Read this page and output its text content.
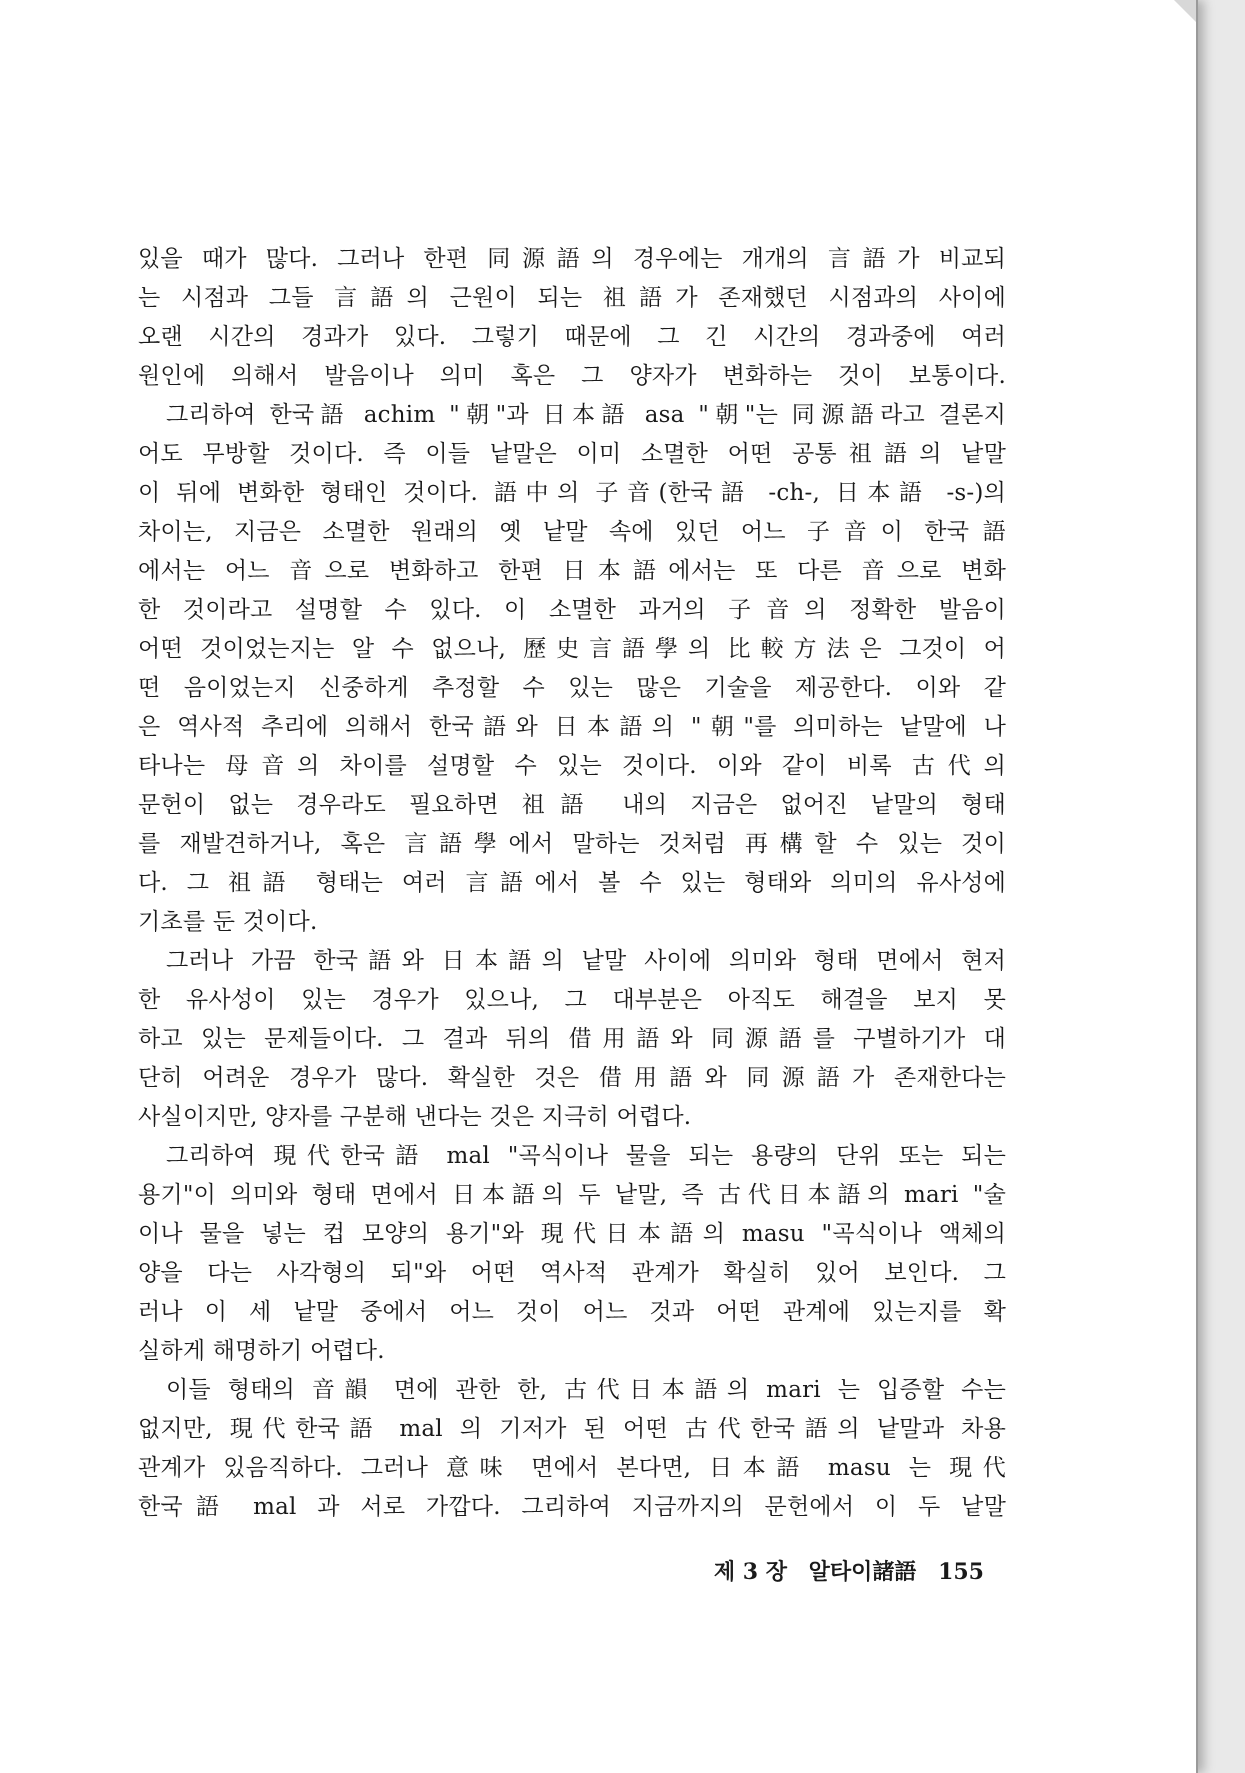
있을 때가 많다. 그러나 한편 同源語의 경우에는 개개의 言語가 비교되
는 시점과 그들 言語의 근원이 되는 祖語가 존재했던 시점과의 사이에
오랜 시간의 경과가 있다. 그렇기 때문에 그 긴 시간의 경과중에 여러
원인에 의해서 발음이나 의미 혹은 그 양자가 변화하는 것이 보통이다.
그리하여 한국語 achim "朝"과 日本語 asa "朝"는 同源語라고 결론지
어도 무방할 것이다. 즉 이들 낱말은 이미 소멸한 어떤 공통祖語의 낱말
이 뒤에 변화한 형태인 것이다. 語中의 子音(한국語 -ch-, 日本語 -s-)의
차이는, 지금은 소멸한 원래의 옛 낱말 속에 있던 어느 子音이 한국語
에서는 어느 音으로 변화하고 한편 日本語에서는 또 다른 音으로 변화
한 것이라고 설명할 수 있다. 이 소멸한 과거의 子音의 정확한 발음이
어떤 것이었는지는 알 수 없으나, 歷史言語學의 比較方法은 그것이 어
떤 음이었는지 신중하게 추정할 수 있는 많은 기술을 제공한다. 이와 같
은 역사적 추리에 의해서 한국語와 日本語의 "朝"를 의미하는 낱말에 나
타나는 母音의 차이를 설명할 수 있는 것이다. 이와 같이 비록 古代의
문헌이 없는 경우라도 필요하면 祖語 내의 지금은 없어진 낱말의 형태
를 재발견하거나, 혹은 言語學에서 말하는 것처럼 再構할 수 있는 것이
다. 그 祖語 형태는 여러 言語에서 볼 수 있는 형태와 의미의 유사성에
기초를 둔 것이다.
그러나 가끔 한국語와 日本語의 낱말 사이에 의미와 형태 면에서 현저
한 유사성이 있는 경우가 있으나, 그 대부분은 아직도 해결을 보지 못
하고 있는 문제들이다. 그 결과 뒤의 借用語와 同源語를 구별하기가 대
단히 어려운 경우가 많다. 확실한 것은 借用語와 同源語가 존재한다는
사실이지만, 양자를 구분해 낸다는 것은 지극히 어렵다.
그리하여 現代한국語 mal "곡식이나 물을 되는 용량의 단위 또는 되는
용기"이 의미와 형태 면에서 日本語의 두 낱말, 즉 古代日本語의 mari "술
이나 물을 넣는 컵 모양의 용기"와 現代日本語의 masu "곡식이나 액체의
양을 다는 사각형의 되"와 어떤 역사적 관계가 확실히 있어 보인다. 그
러나 이 세 낱말 중에서 어느 것이 어느 것과 어떤 관계에 있는지를 확
실하게 해명하기 어렵다.
이들 형태의 音韻 면에 관한 한, 古代日本語의 mari 는 입증할 수는
없지만, 現代한국語 mal 의 기저가 된 어떤 古代한국語의 낱말과 차용
관계가 있음직하다. 그러나 意味 면에서 본다면, 日本語 masu 는 現代
한국語 mal 과 서로 가깝다. 그리하여 지금까지의 문헌에서 이 두 낱말
제 3 장 알타이諸語 155
